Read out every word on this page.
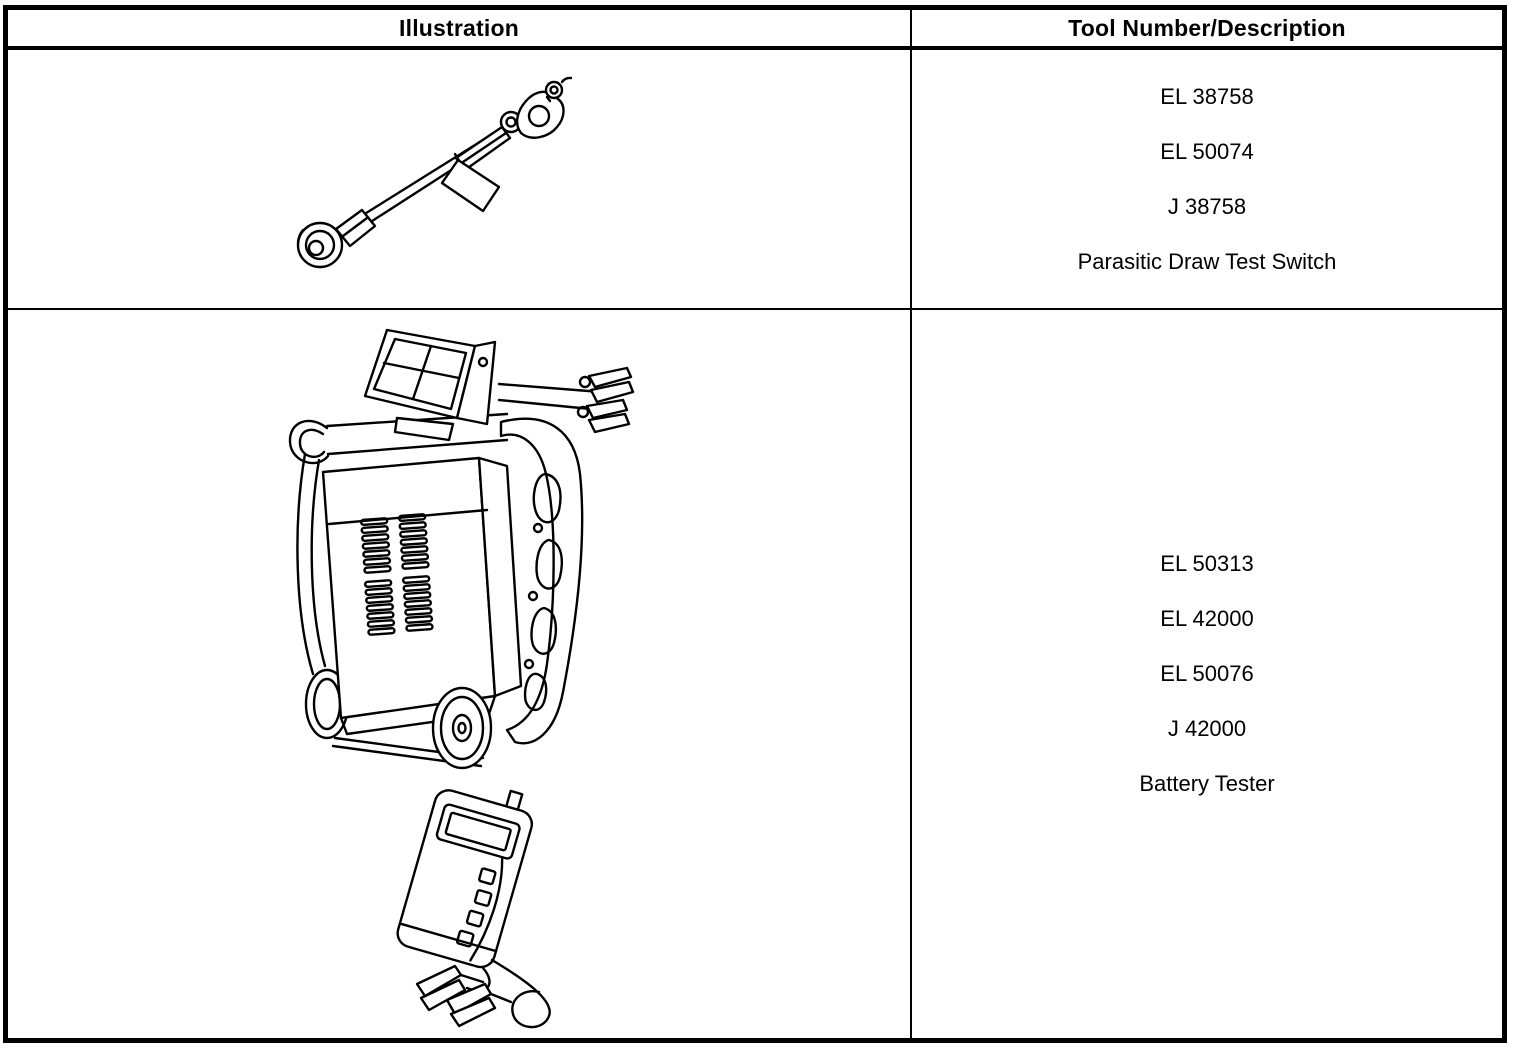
Illustration	Tool Number/Description
EL 38758
EL 50074
J 38758
Parasitic Draw Test Switch
EL 50313
EL 42000
EL 50076
J 42000
Battery Tester
